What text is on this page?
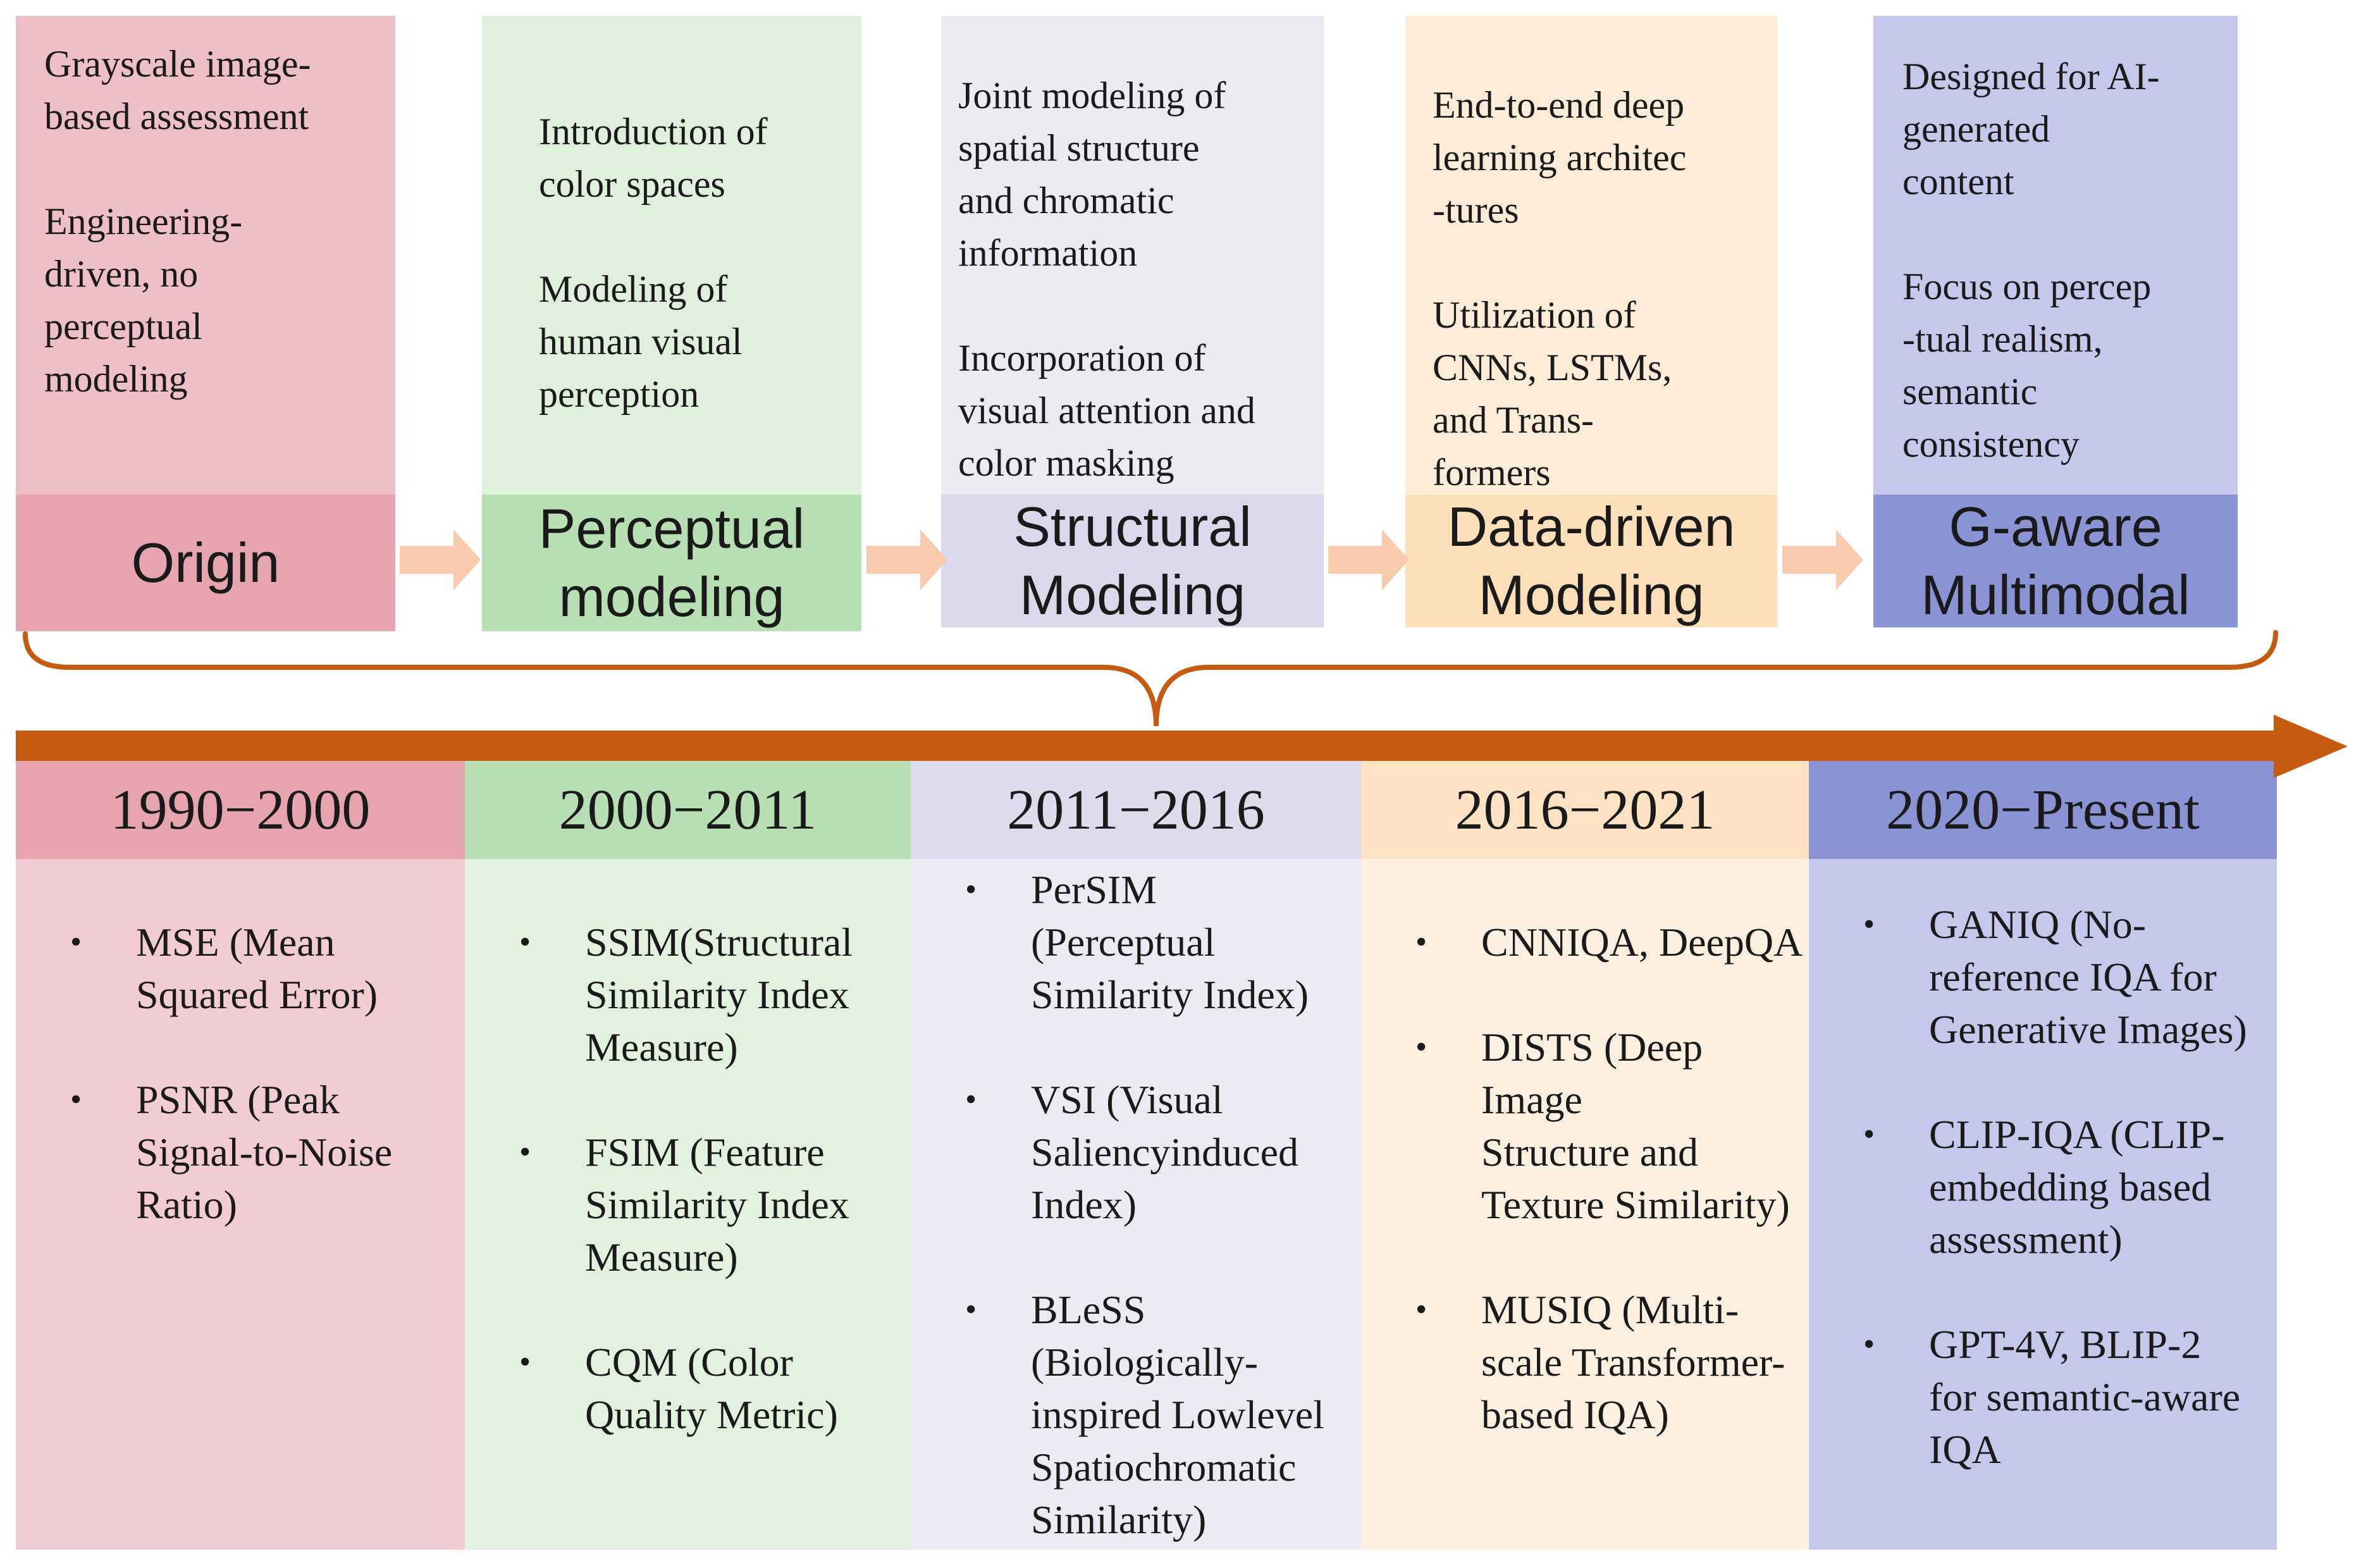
Grayscale image-
based assessment

Engineering-
driven, no
perceptual
modeling

Origin

Introduction of
color spaces

Modeling of
human visual
perception

Perceptual
modeling

Joint modeling of
spatial structure
and chromatic
information

Incorporation of
visual attention and
color masking

Structural
Modeling

End-to-end deep
learning architec
-tures

Utilization of
CNNs, LSTMs,
and Trans-
formers

Data-driven
Modeling

Designed for AI-
generated
content

Focus on percep
-tual realism,
semantic
consistency

G-aware
Multimodal
1990−2000
• MSE (Mean
Squared Error)
• PSNR (Peak
Signal-to-Noise
Ratio)
2000−2011
• SSIM(Structural
Similarity Index
Measure)
• FSIM (Feature
Similarity Index
Measure)
• CQM (Color
Quality Metric)
2011−2016
• PerSIM
(Perceptual
Similarity Index)
• VSI (Visual
Saliencyinduced
Index)
• BLeSS
(Biologically-
inspired Lowlevel
Spatiochromatic
Similarity)
2016−2021
• CNNIQA, DeepQA
• DISTS (Deep Image
Structure and
Texture Similarity)
• MUSIQ (Multi-
scale Transformer-
based IQA)
2020−Present
• GANIQ (No-
reference IQA for
Generative Images)
• CLIP-IQA (CLIP-
embedding based
assessment)
• GPT-4V, BLIP-2
for semantic-aware
IQA
